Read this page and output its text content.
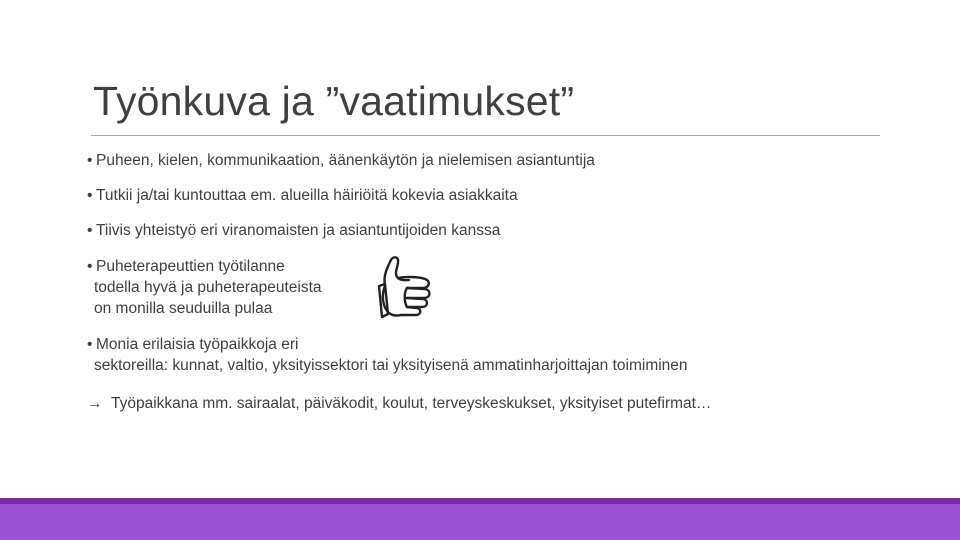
Työnkuva ja ”vaatimukset”
• Puheen, kielen, kommunikaation, äänenkäytön ja nielemisen asiantuntija
• Tutkii ja/tai kuntouttaa em. alueilla häiriöitä kokevia asiakkaita
• Tiivis yhteistyö eri viranomaisten ja asiantuntijoiden kanssa
• Puheterapeuttien työtilanne
todella hyvä ja puheterapeuteista
on monilla seuduilla pulaa
• Monia erilaisia työpaikkoja eri
sektoreilla: kunnat, valtio, yksityissektori tai yksityisenä ammatinharjoittajan toimiminen
→ Työpaikkana mm. sairaalat, päiväkodit, koulut, terveyskeskukset, yksityiset putefirmat…
